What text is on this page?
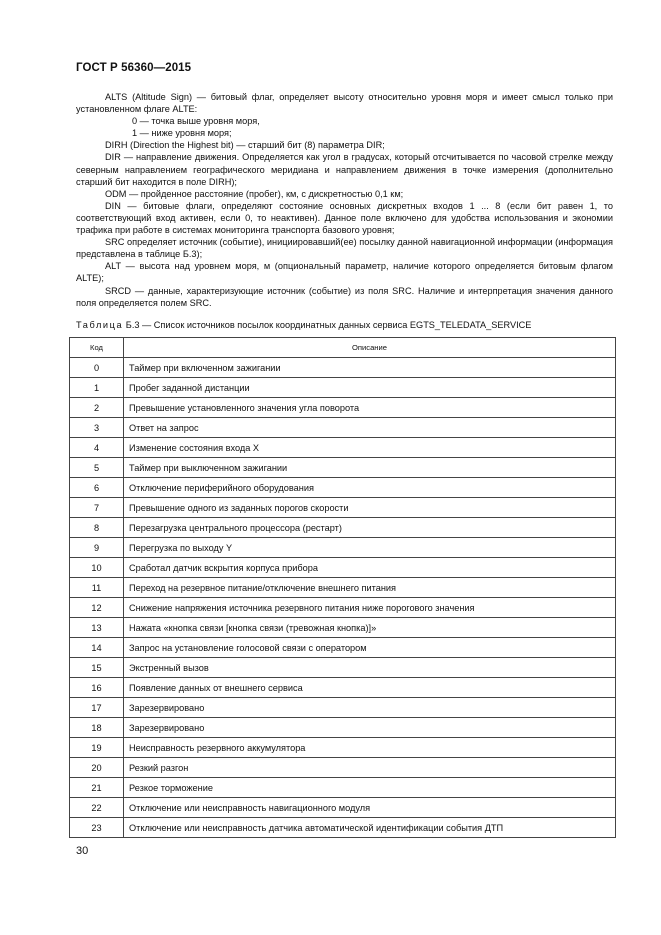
ГОСТ Р 56360—2015

ALTS (Altitude Sign) — битовый флаг, определяет высоту относительно уровня моря и имеет смысл только при установленном флаге ALTE:

0 — точка выше уровня моря,

1 — ниже уровня моря;

DIRH (Direction the Highest bit) — старший бит (8) параметра DIR;

DIR — направление движения. Определяется как угол в градусах, который отсчитывается по часовой стрелке между северным направлением географического меридиана и направлением движения в точке измерения (дополнительно старший бит находится в поле DIRH);

ODM — пройденное расстояние (пробег), км, с дискретностью 0,1 км;

DIN — битовые флаги, определяют состояние основных дискретных входов 1 ... 8 (если бит равен 1, то соответствующий вход активен, если 0, то неактивен). Данное поле включено для удобства использования и экономии трафика при работе в системах мониторинга транспорта базового уровня;

SRC определяет источник (событие), инициировавший(ее) посылку данной навигационной информации (информация представлена в таблице Б.3);

ALT — высота над уровнем моря, м (опциональный параметр, наличие которого определяется битовым флагом ALTE);

SRCD — данные, характеризующие источник (событие) из поля SRC. Наличие и интерпретация значения данного поля определяется полем SRC.

Таблица Б.3 — Список источников посылок координатных данных сервиса EGTS_TELEDATA_SERVICE
Код	Описание
0	Таймер при включенном зажигании
1	Пробег заданной дистанции
2	Превышение установленного значения угла поворота
3	Ответ на запрос
4	Изменение состояния входа X
5	Таймер при выключенном зажигании
6	Отключение периферийного оборудования
7	Превышение одного из заданных порогов скорости
8	Перезагрузка центрального процессора (рестарт)
9	Перегрузка по выходу Y
10	Сработал датчик вскрытия корпуса прибора
11	Переход на резервное питание/отключение внешнего питания
12	Снижение напряжения источника резервного питания ниже порогового значения
13	Нажата «кнопка связи [кнопка связи (тревожная кнопка)]»
14	Запрос на установление голосовой связи с оператором
15	Экстренный вызов
16	Появление данных от внешнего сервиса
17	Зарезервировано
18	Зарезервировано
19	Неисправность резервного аккумулятора
20	Резкий разгон
21	Резкое торможение
22	Отключение или неисправность навигационного модуля
23	Отключение или неисправность датчика автоматической идентификации события ДТП
30
